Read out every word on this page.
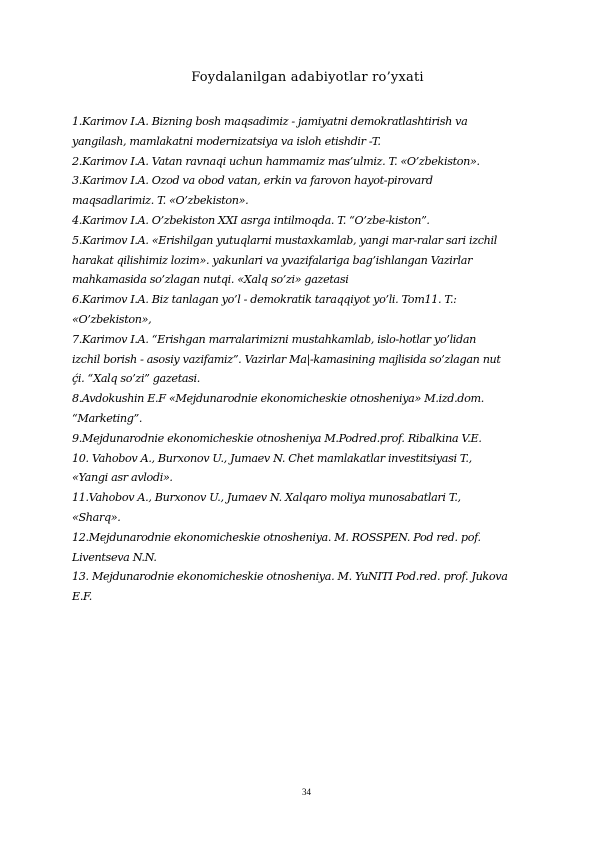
Foydalanilgan adabiyotlar ro’yxati
1.Karimov I.A. Bizning bosh maqsadimiz - jamiyatni demokratlashtirish va
yangilash, mamlakatni modernizatsiya va isloh etishdir -T.
2.Karimov I.A. Vatan ravnaqi uchun hammamiz mas’ulmiz. T. «O’zbekiston».
3.Karimov I.A. Ozod va obod vatan, erkin va farovon hayot-pirovard
maqsadlarimiz. T. «O’zbekiston».
4.Karimov I.A. O’zbekiston XXI asrga intilmoqda. T. “O’zbe-kiston”.
5.Karimov I.A. «Erishilgan yutuqlarni mustaxkamlab, yangi mar-ralar sari izchil
harakat qilishimiz lozim». yakunlari va yvazifalariga bag’ishlangan Vazirlar
mahkamasida so’zlagan nutqi. «Xalq so’zi» gazetasi
6.Karimov I.A. Biz tanlagan yo’l - demokratik taraqqiyot yo’li. Tom11. T.:
«O’zbekiston»,
7.Karimov I.A. “Erishgan marralarimizni mustahkamlab, islo-hotlar yo’lidan
izchil borish - asosiy vazifamiz”. Vazirlar Ma|-kamasining majlisida so’zlagan nut
ḉi. “Xalq so’zi” gazetasi.
8.Avdokushin E.F «Mejdunarodnie ekonomicheskie otnosheniya» M.izd.dom.
“Marketing”.
9.Mejdunarodnie ekonomicheskie otnosheniya M.Podred.prof. Ribalkina V.E.
10. Vahobov A., Burxonov U., Jumaev N. Chet mamlakatlar investitsiyasi T.,
«Yangi asr avlodi».
11.Vahobov A., Burxonov U., Jumaev N. Xalqaro moliya munosabatlari T.,
«Sharq».
12.Mejdunarodnie ekonomicheskie otnosheniya. M. ROSSPEN. Pod red. pof.
Liventseva N.N.
13. Mejdunarodnie ekonomicheskie otnosheniya. M. YuNITI Pod.red. prof. Jukova
E.F.
34
